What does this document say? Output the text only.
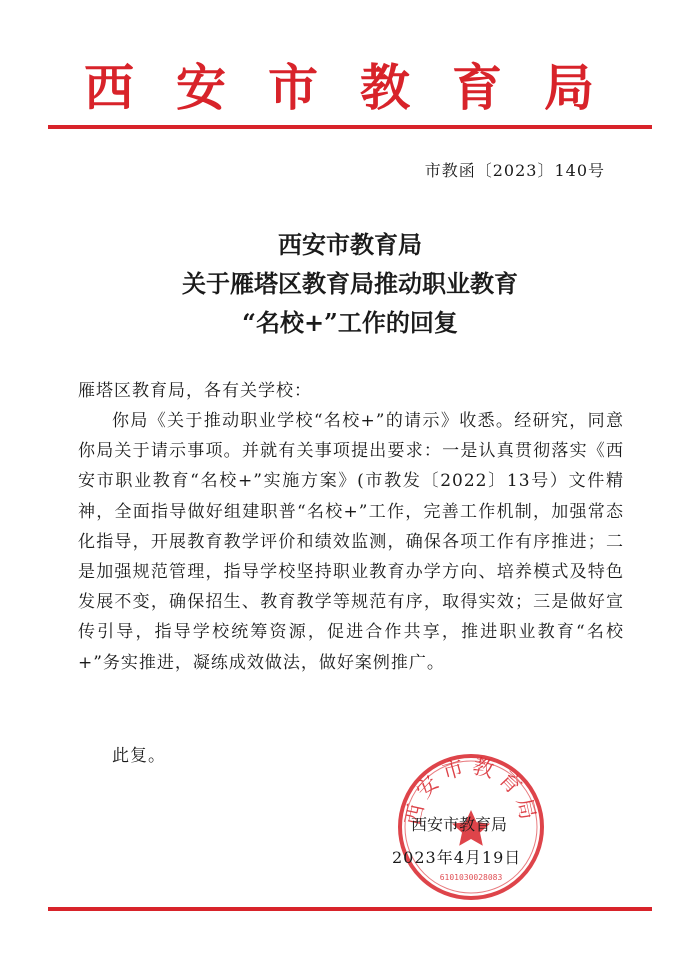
西安市教育局
市教函〔2023〕140号
西安市教育局
关于雁塔区教育局推动职业教育
“名校+”工作的回复
雁塔区教育局，各有关学校：
你局《关于推动职业学校“名校+”的请示》收悉。经研究，同意你局关于请示事项。并就有关事项提出要求：一是认真贯彻落实《西安市职业教育“名校+”实施方案》(市教发〔2022〕13号）文件精神，全面指导做好组建职普“名校+”工作，完善工作机制，加强常态化指导，开展教育教学评价和绩效监测，确保各项工作有序推进；二是加强规范管理，指导学校坚持职业教育办学方向、培养模式及特色发展不变，确保招生、教育教学等规范有序，取得实效；三是做好宣传引导，指导学校统筹资源，促进合作共享，推进职业教育“名校+”务实推进，凝练成效做法，做好案例推广。
此复。
西安市教育局
6101030028083
西安市教育局
2023年4月19日
